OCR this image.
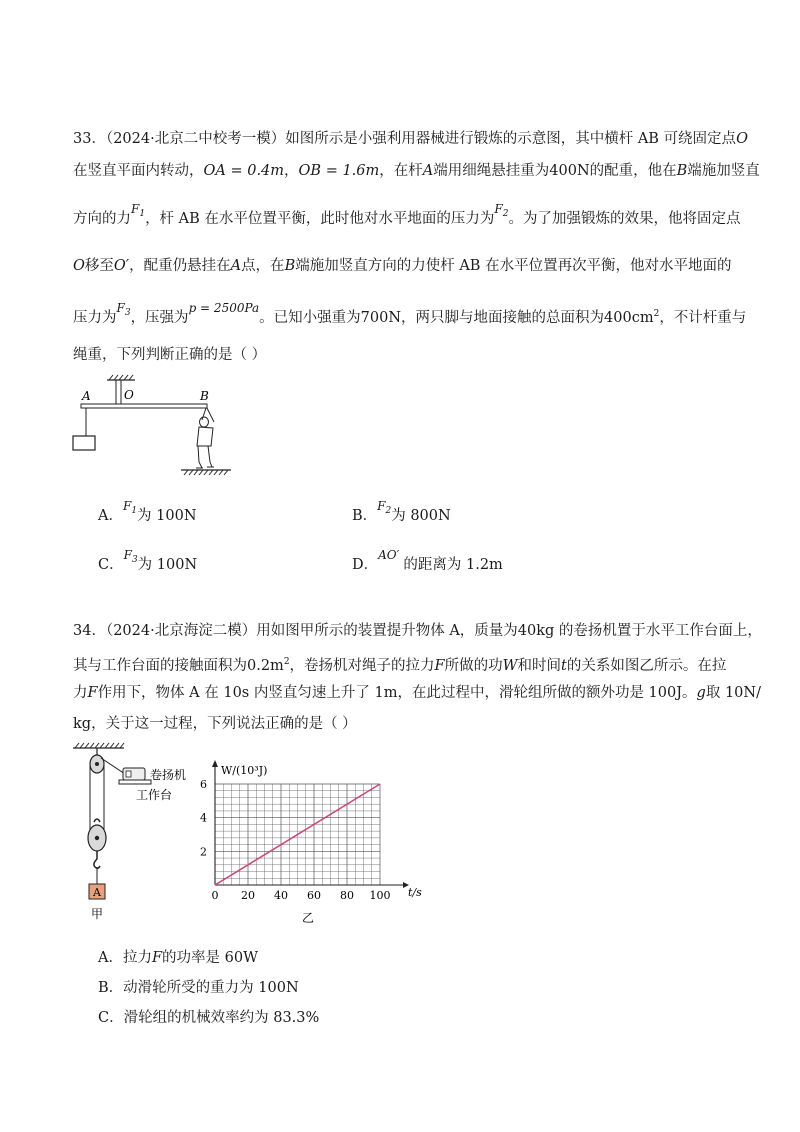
33．（2024·北京二中校考一模）如图所示是小强利用器械进行锻炼的示意图，其中横杆 AB 可绕固定点O
在竖直平面内转动，OA = 0.4m，OB = 1.6m，在杆A端用细绳悬挂重为400N的配重，他在B端施加竖直
方向的力$^{F_1}$，杆 AB 在水平位置平衡，此时他对水平地面的压力为$^{F_2}$。为了加强锻炼的效果，他将固定点
O移至O′，配重仍悬挂在A点，在B端施加竖直方向的力使杆 AB 在水平位置再次平衡，他对水平地面的
压力为$^{F_3}$，压强为$^{p = 2500Pa}$。已知小强重为700N，两只脚与地面接触的总面积为$400cm^2$，不计杆重与
绳重，下列判断正确的是（ ）
A	O	B
A．$^{F_1}$为 100N	B．$^{F_2}$为 800N
C．$^{F_3}$为 100N	D．$^{AO'}$的距离为 1.2m
34．（2024·北京海淀二模）用如图甲所示的装置提升物体 A，质量为40kg 的卷扬机置于水平工作台面上，
其与工作台面的接触面积为$0.2m^2$，卷扬机对绳子的拉力F所做的功W和时间t的关系如图乙所示。在拉
力F作用下，物体 A 在 10s 内竖直匀速上升了 1m，在此过程中，滑轮组所做的额外功是 100J。g取 10N/
kg，关于这一过程，下列说法正确的是（ ）
卷扬机
工作台
A
甲
0 20 40 60 80 100
2
4
6
W/(10³J)
t/s
乙
A．拉力F的功率是 60W
B．动滑轮所受的重力为 100N
C．滑轮组的机械效率约为 83.3%
